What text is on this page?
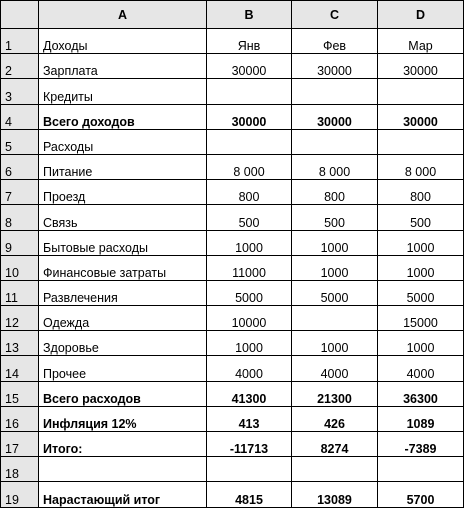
	A	B	C	D
1	Доходы	Янв	Фев	Мар
2	Зарплата	30000	30000	30000
3	Кредиты			
4	Всего доходов	30000	30000	30000
5	Расходы			
6	Питание	8 000	8 000	8 000
7	Проезд	800	800	800
8	Связь	500	500	500
9	Бытовые расходы	1000	1000	1000
10	Финансовые затраты	11000	1000	1000
11	Развлечения	5000	5000	5000
12	Одежда	10000		15000
13	Здоровье	1000	1000	1000
14	Прочее	4000	4000	4000
15	Всего расходов	41300	21300	36300
16	Инфляция 12%	413	426	1089
17	Итого:	-11713	8274	-7389
18				
19	Нарастающий итог	4815	13089	5700
